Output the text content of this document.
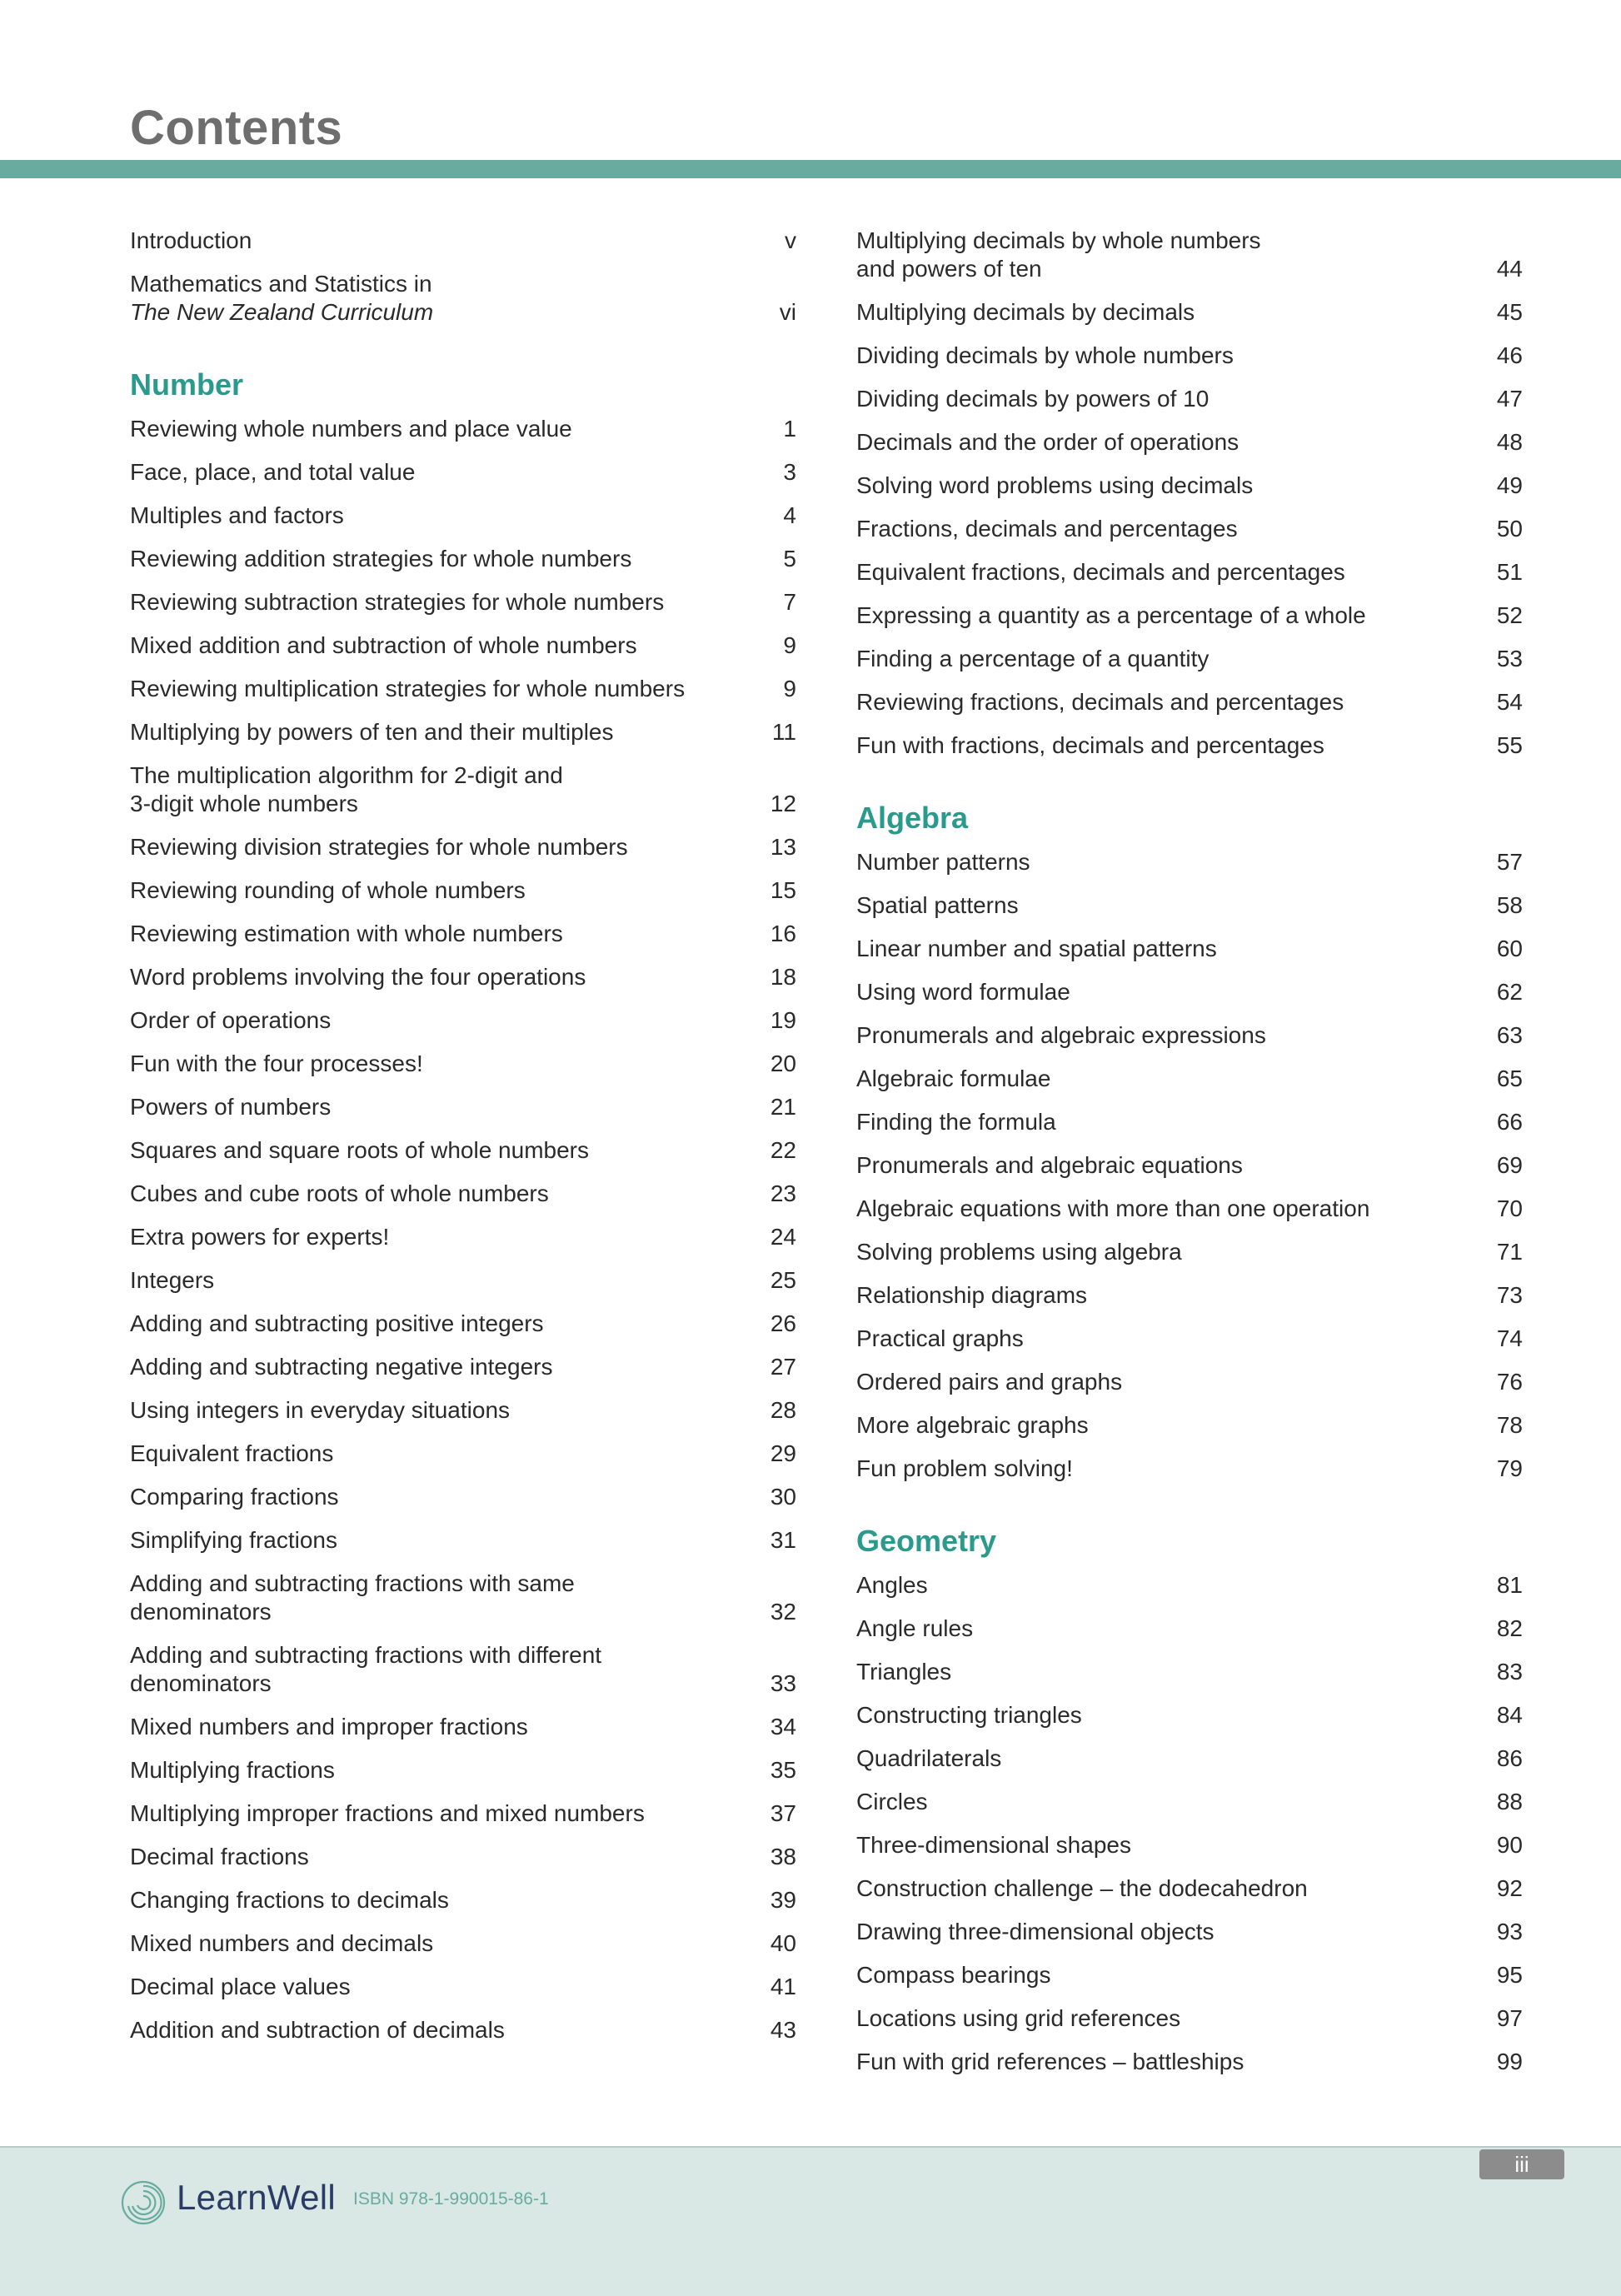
Contents
Introduction	v
Mathematics and Statistics in
The New Zealand Curriculum	vi
Number
Reviewing whole numbers and place value	1
Face, place, and total value	3
Multiples and factors	4
Reviewing addition strategies for whole numbers	5
Reviewing subtraction strategies for whole numbers	7
Mixed addition and subtraction of whole numbers	9
Reviewing multiplication strategies for whole numbers	9
Multiplying by powers of ten and their multiples	11
The multiplication algorithm for 2-digit and
3-digit whole numbers	12
Reviewing division strategies for whole numbers	13
Reviewing rounding of whole numbers	15
Reviewing estimation with whole numbers	16
Word problems involving the four operations	18
Order of operations	19
Fun with the four processes!	20
Powers of numbers	21
Squares and square roots of whole numbers	22
Cubes and cube roots of whole numbers	23
Extra powers for experts!	24
Integers	25
Adding and subtracting positive integers	26
Adding and subtracting negative integers	27
Using integers in everyday situations	28
Equivalent fractions	29
Comparing fractions	30
Simplifying fractions	31
Adding and subtracting fractions with same
denominators	32
Adding and subtracting fractions with different
denominators	33
Mixed numbers and improper fractions	34
Multiplying fractions	35
Multiplying improper fractions and mixed numbers	37
Decimal fractions	38
Changing fractions to decimals	39
Mixed numbers and decimals	40
Decimal place values	41
Addition and subtraction of decimals	43
Multiplying decimals by whole numbers
and powers of ten	44
Multiplying decimals by decimals	45
Dividing decimals by whole numbers	46
Dividing decimals by powers of 10	47
Decimals and the order of operations	48
Solving word problems using decimals	49
Fractions, decimals and percentages	50
Equivalent fractions, decimals and percentages	51
Expressing a quantity as a percentage of a whole	52
Finding a percentage of a quantity	53
Reviewing fractions, decimals and percentages	54
Fun with fractions, decimals and percentages	55
Algebra
Number patterns	57
Spatial patterns	58
Linear number and spatial patterns	60
Using word formulae	62
Pronumerals and algebraic expressions	63
Algebraic formulae	65
Finding the formula	66
Pronumerals and algebraic equations	69
Algebraic equations with more than one operation	70
Solving problems using algebra	71
Relationship diagrams	73
Practical graphs	74
Ordered pairs and graphs	76
More algebraic graphs	78
Fun problem solving!	79
Geometry
Angles	81
Angle rules	82
Triangles	83
Constructing triangles	84
Quadrilaterals	86
Circles	88
Three-dimensional shapes	90
Construction challenge – the dodecahedron	92
Drawing three-dimensional objects	93
Compass bearings	95
Locations using grid references	97
Fun with grid references – battleships	99
iii
LearnWell ISBN 978-1-990015-86-1
